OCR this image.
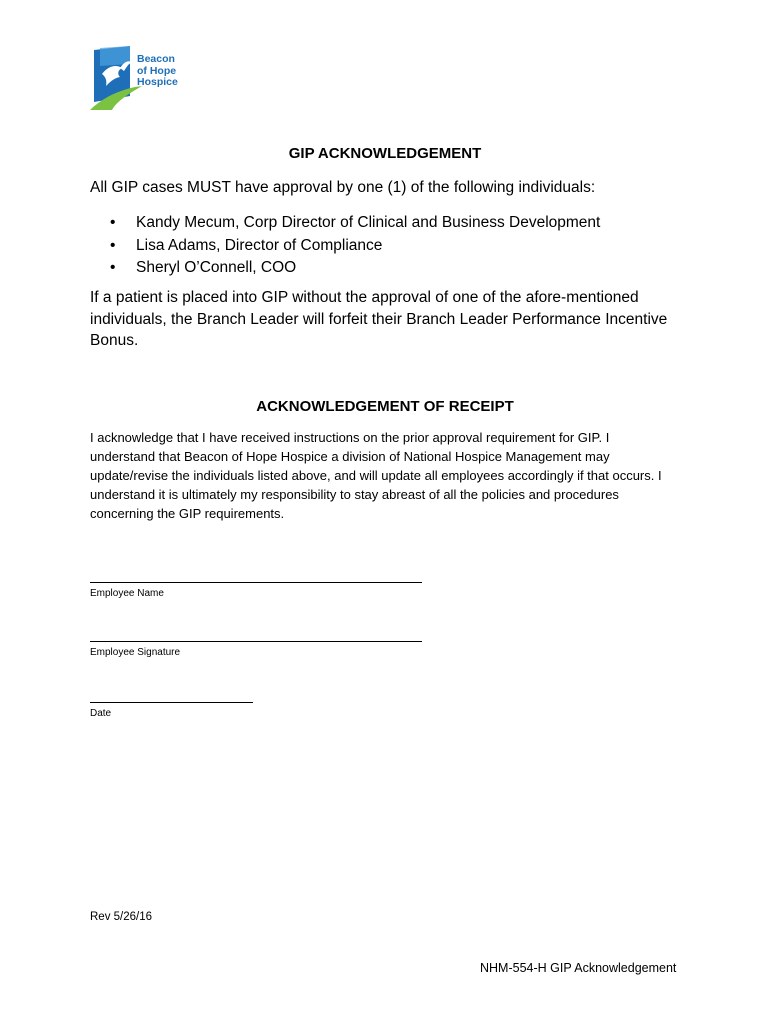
Beacon
of Hope
Hospice
GIP ACKNOWLEDGEMENT
All GIP cases MUST have approval by one (1) of the following individuals:
• Kandy Mecum, Corp Director of Clinical and Business Development
• Lisa Adams, Director of Compliance
• Sheryl O’Connell, COO
If a patient is placed into GIP without the approval of one of the afore-mentioned individuals, the Branch Leader will forfeit their Branch Leader Performance Incentive Bonus.
ACKNOWLEDGEMENT OF RECEIPT
I acknowledge that I have received instructions on the prior approval requirement for GIP. I understand that Beacon of Hope Hospice a division of National Hospice Management may update/revise the individuals listed above, and will update all employees accordingly if that occurs. I understand it is ultimately my responsibility to stay abreast of all the policies and procedures concerning the GIP requirements.
Employee Name
Employee Signature
Date
Rev 5/26/16
NHM-554-H GIP Acknowledgement
